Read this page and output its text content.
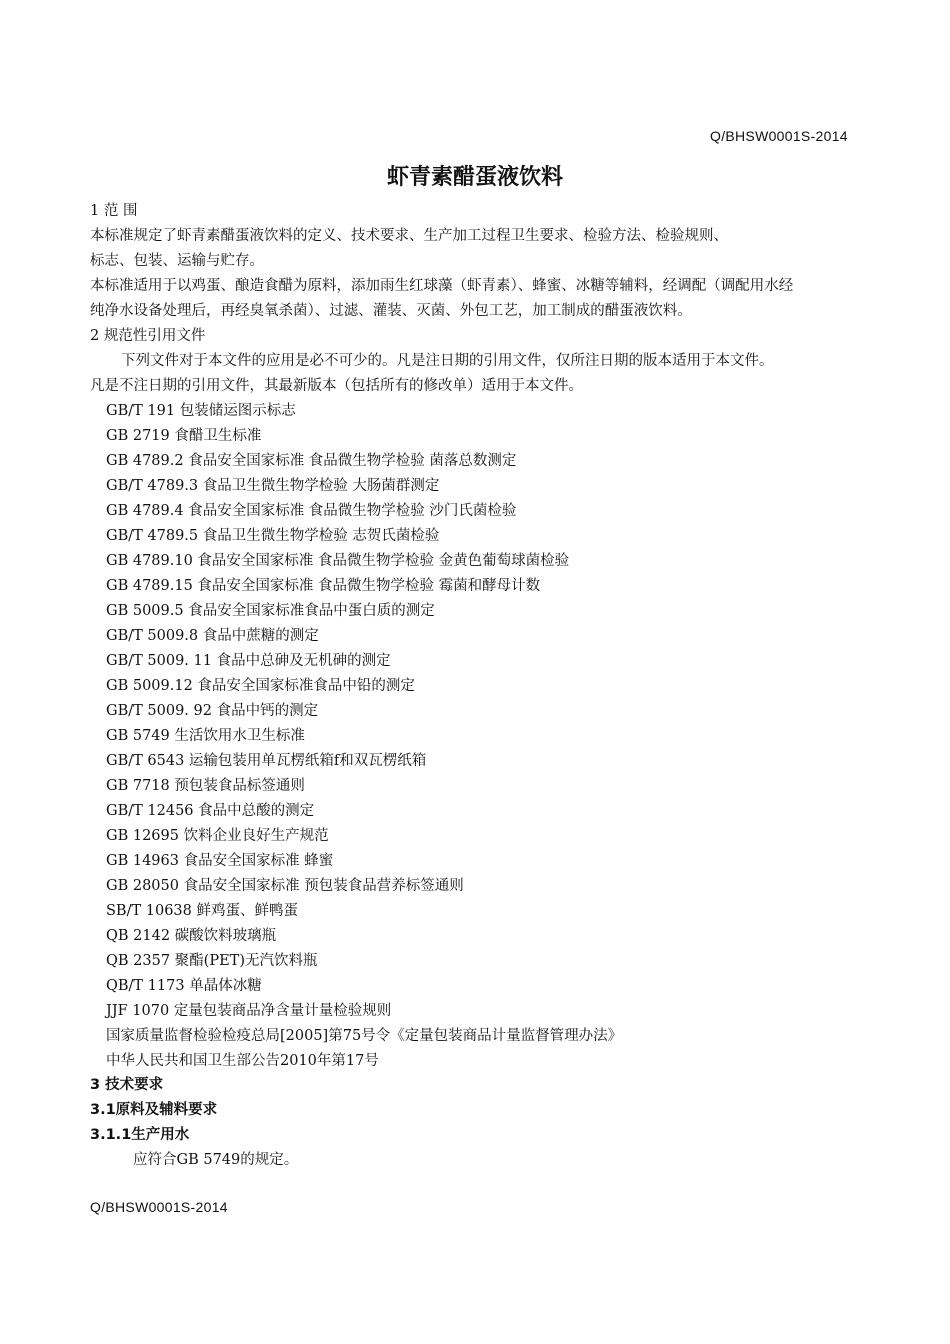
Q/BHSW0001S-2014
虾青素醋蛋液饮料
1 范 围
本标准规定了虾青素醋蛋液饮料的定义、技术要求、生产加工过程卫生要求、检验方法、检验规则、
标志、包装、运输与贮存。
本标准适用于以鸡蛋、酿造食醋为原料，添加雨生红球藻（虾青素）、蜂蜜、冰糖等辅料，经调配（调配用水经
纯净水设备处理后，再经臭氧杀菌）、过滤、灌装、灭菌、外包工艺，加工制成的醋蛋液饮料。
2 规范性引用文件
下列文件对于本文件的应用是必不可少的。凡是注日期的引用文件，仅所注日期的版本适用于本文件。
凡是不注日期的引用文件，其最新版本（包括所有的修改单）适用于本文件。
GB/T 191 包装储运图示标志
GB 2719 食醋卫生标准
GB 4789.2 食品安全国家标准 食品微生物学检验 菌落总数测定
GB/T 4789.3 食品卫生微生物学检验 大肠菌群测定
GB 4789.4 食品安全国家标准 食品微生物学检验 沙门氏菌检验
GB/T 4789.5 食品卫生微生物学检验 志贺氏菌检验
GB 4789.10 食品安全国家标准 食品微生物学检验 金黄色葡萄球菌检验
GB 4789.15 食品安全国家标准 食品微生物学检验 霉菌和酵母计数
GB 5009.5 食品安全国家标准食品中蛋白质的测定
GB/T 5009.8 食品中蔗糖的测定
GB/T 5009. 11 食品中总砷及无机砷的测定
GB 5009.12 食品安全国家标准食品中铅的测定
GB/T 5009. 92 食品中钙的测定
GB 5749 生活饮用水卫生标准
GB/T 6543 运输包装用单瓦楞纸箱f和双瓦楞纸箱
GB 7718 预包装食品标签通则
GB/T 12456 食品中总酸的测定
GB 12695 饮料企业良好生产规范
GB 14963 食品安全国家标准 蜂蜜
GB 28050 食品安全国家标准 预包装食品营养标签通则
SB/T 10638 鲜鸡蛋、鲜鸭蛋
QB 2142 碳酸饮料玻璃瓶
QB 2357 聚酯(PET)无汽饮料瓶
QB/T 1173 单晶体冰糖
JJF 1070 定量包装商品净含量计量检验规则
国家质量监督检验检疫总局[2005]第75号令《定量包装商品计量监督管理办法》
中华人民共和国卫生部公告2010年第17号
3 技术要求
3.1原料及辅料要求
3.1.1生产用水
应符合GB 5749的规定。
Q/BHSW0001S-2014
